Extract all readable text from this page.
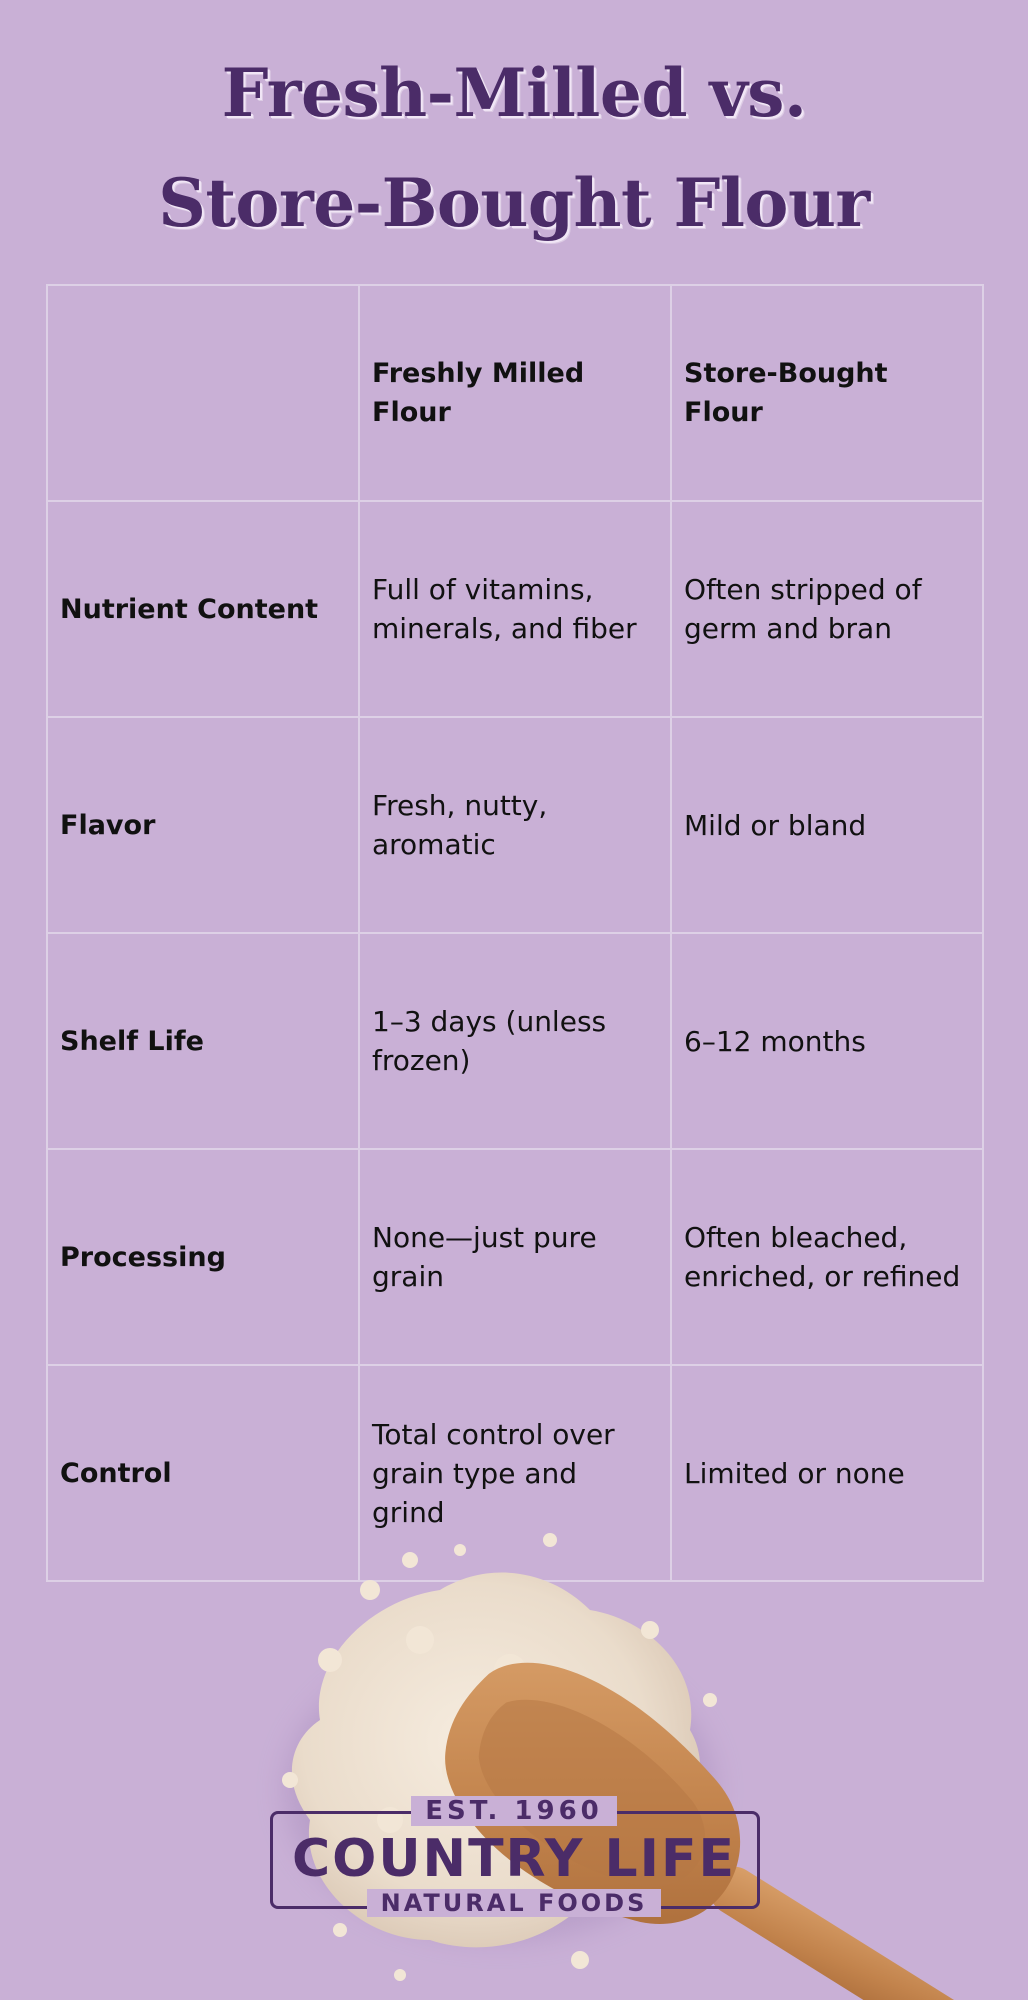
Fresh-Milled vs.
Store-Bought Flour
	Freshly Milled Flour	Store-Bought Flour
Nutrient Content	Full of vitamins, minerals, and fiber	Often stripped of germ and bran
Flavor	Fresh, nutty, aromatic	Mild or bland
Shelf Life	1–3 days (unless frozen)	6–12 months
Processing	None—just pure grain	Often bleached, enriched, or refined
Control	Total control over grain type and grind	Limited or none
EST. 1960
COUNTRY LIFE
NATURAL FOODS
